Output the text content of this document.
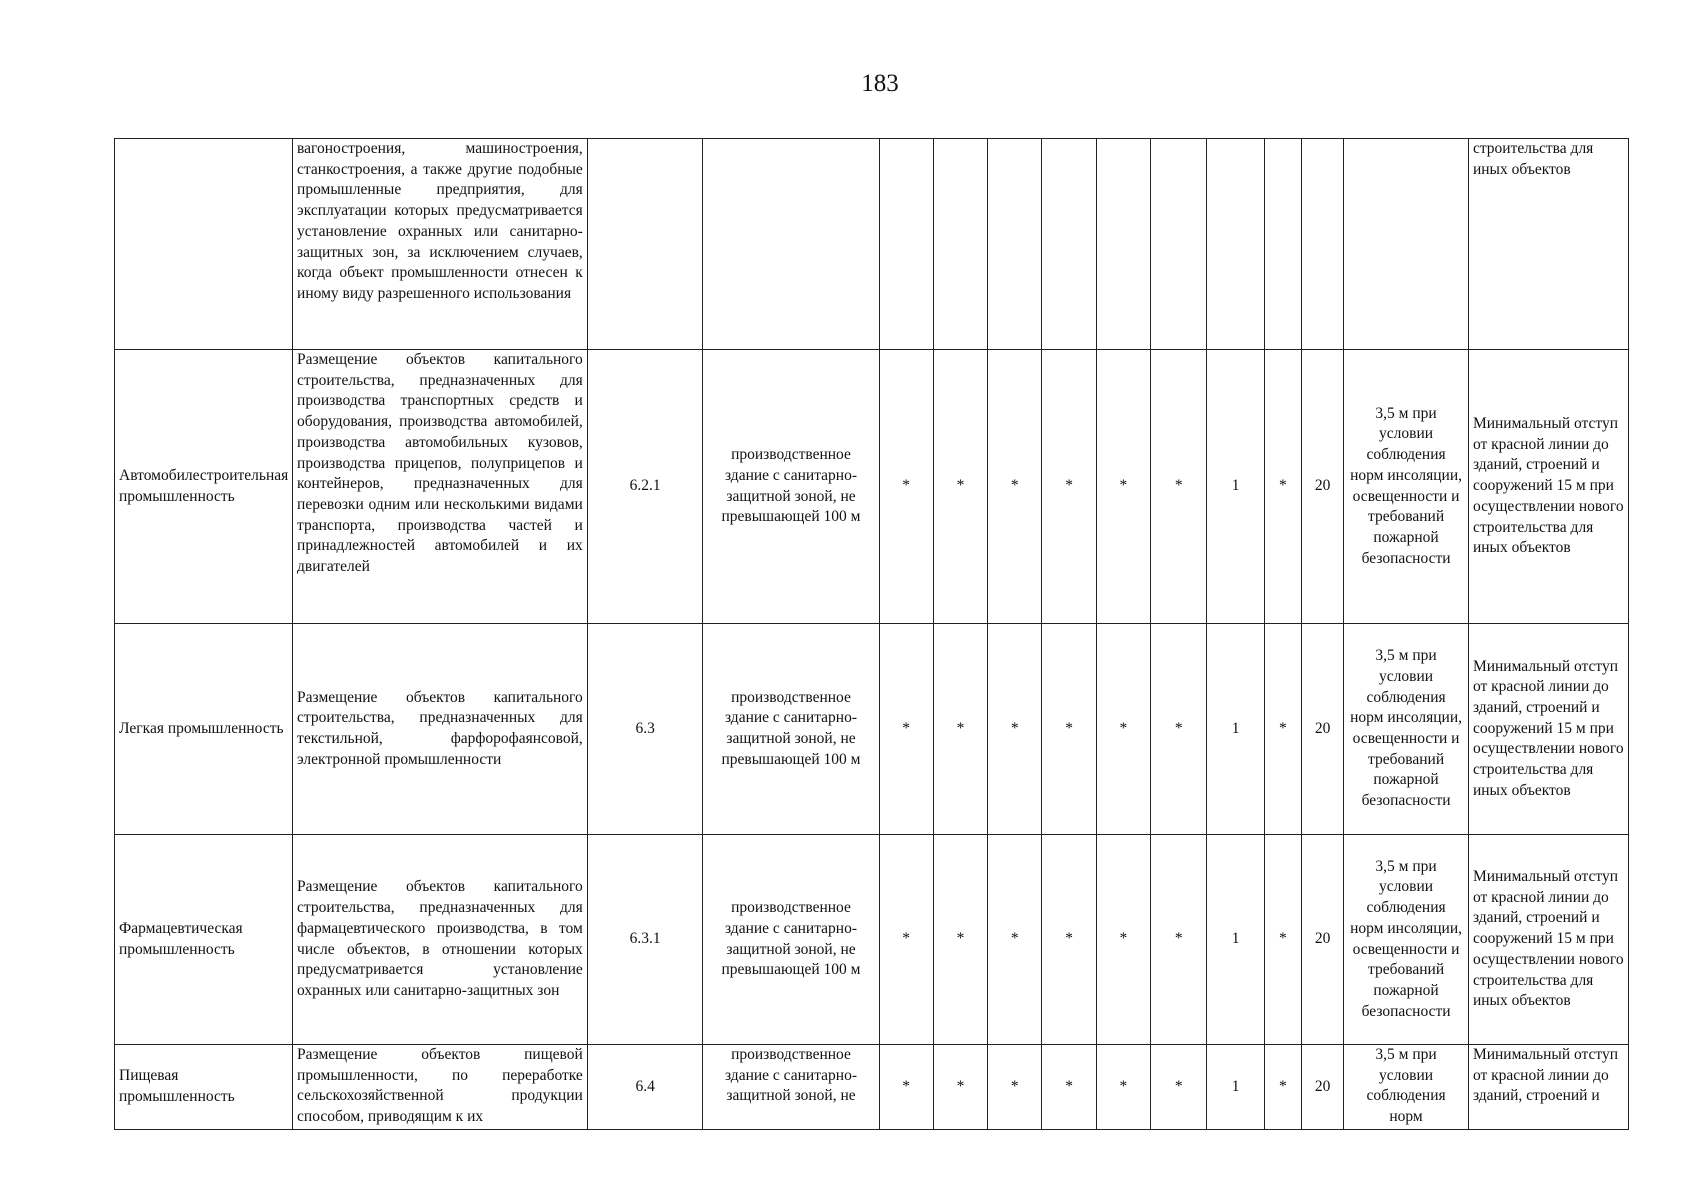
183
	вагоностроения, машиностроения, станкостроения, а также другие подобные промышленные предприятия, для эксплуатации которых предусматривается установление охранных или санитарно-защитных зон, за исключением случаев, когда объект промышленности отнесен к иному виду разрешенного использования													строительства для иных объектов
Автомобилестроительная промышленность	Размещение объектов капитального строительства, предназначенных для производства транспортных средств и оборудования, производства автомобилей, производства автомобильных кузовов, производства прицепов, полуприцепов и контейнеров, предназначенных для перевозки одним или несколькими видами транспорта, производства частей и принадлежностей автомобилей и их двигателей	6.2.1	производственное здание с санитарно-защитной зоной, не превышающей 100 м	*	*	*	*	*	*	1	*	20	3,5 м при условии соблюдения норм инсоляции, освещенности и требований пожарной безопасности	Минимальный отступ от красной линии до зданий, строений и сооружений 15 м при осуществлении нового строительства для иных объектов
Легкая промышленность	Размещение объектов капитального строительства, предназначенных для текстильной, фарфорофаянсовой, электронной промышленности	6.3	производственное здание с санитарно-защитной зоной, не превышающей 100 м	*	*	*	*	*	*	1	*	20	3,5 м при условии соблюдения норм инсоляции, освещенности и требований пожарной безопасности	Минимальный отступ от красной линии до зданий, строений и сооружений 15 м при осуществлении нового строительства для иных объектов
Фармацевтическая промышленность	Размещение объектов капитального строительства, предназначенных для фармацевтического производства, в том числе объектов, в отношении которых предусматривается установление охранных или санитарно-защитных зон	6.3.1	производственное здание с санитарно-защитной зоной, не превышающей 100 м	*	*	*	*	*	*	1	*	20	3,5 м при условии соблюдения норм инсоляции, освещенности и требований пожарной безопасности	Минимальный отступ от красной линии до зданий, строений и сооружений 15 м при осуществлении нового строительства для иных объектов
Пищевая промышленность	Размещение объектов пищевой промышленности, по переработке сельскохозяйственной продукции способом, приводящим к их	6.4	производственное здание с санитарно-защитной зоной, не	*	*	*	*	*	*	1	*	20	3,5 м при условии соблюдения норм	Минимальный отступ от красной линии до зданий, строений и
